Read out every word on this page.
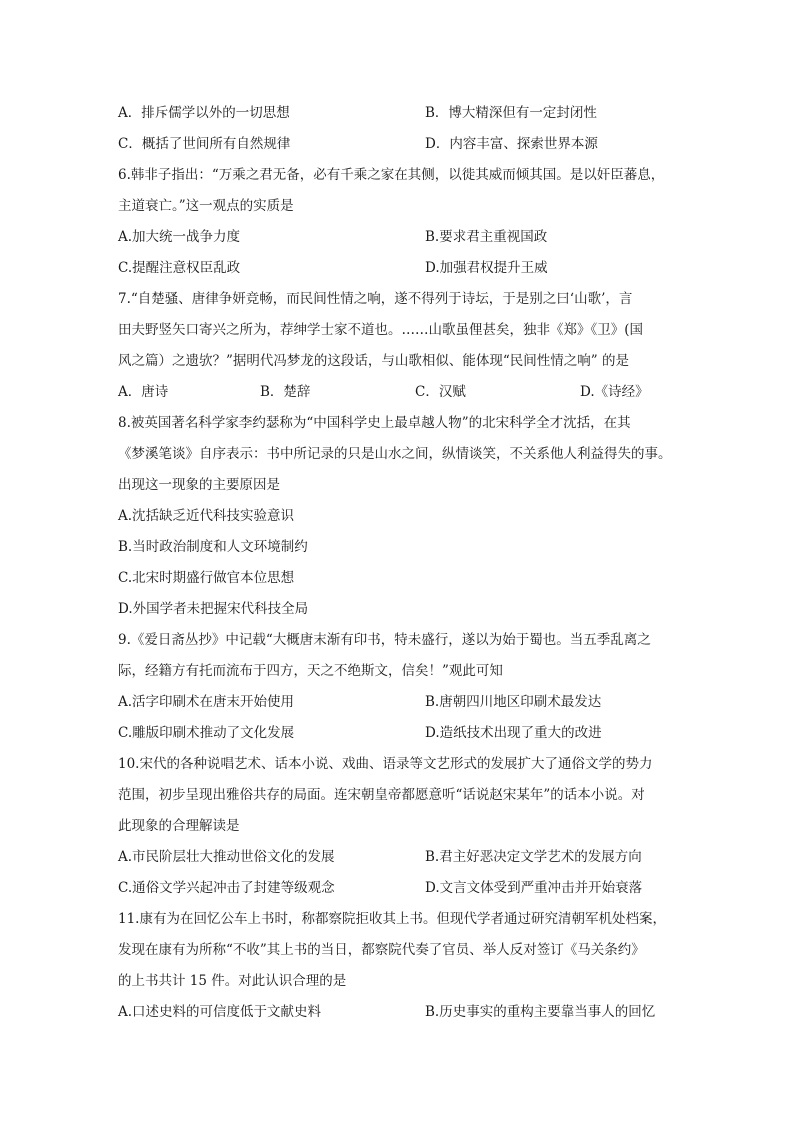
A．排斥儒学以外的一切思想	B．博大精深但有一定封闭性
C．概括了世间所有自然规律	D．内容丰富、探索世界本源
6.韩非子指出：“万乘之君无备，必有千乘之家在其侧，以徙其威而倾其国。是以奸臣蕃息，
主道衰亡。”这一观点的实质是
A.加大统一战争力度	B.要求君主重视国政
C.提醒注意权臣乱政	D.加强君权提升王威
7.“自楚骚、唐律争妍竞畅，而民间性情之响，遂不得列于诗坛，于是别之曰‘山歌’，言
田夫野竖矢口寄兴之所为，荐绅学士家不道也。……山歌虽俚甚矣，独非《郑》《卫》(国
风之篇）之遗欤？”据明代冯梦龙的这段话，与山歌相似、能体现“民间性情之响” 的是
A．唐诗	B．楚辞	C．汉赋	D.《诗经》
8.被英国著名科学家李约瑟称为“中国科学史上最卓越人物”的北宋科学全才沈括，在其
《梦溪笔谈》自序表示：书中所记录的只是山水之间，纵情谈笑，不关系他人利益得失的事。
出现这一现象的主要原因是
A.沈括缺乏近代科技实验意识
B.当时政治制度和人文环境制约
C.北宋时期盛行做官本位思想
D.外国学者未把握宋代科技全局
9.《爱日斋丛抄》中记载“大概唐末渐有印书，特未盛行，遂以为始于蜀也。当五季乱离之
际，经籍方有托而流布于四方，天之不绝斯文，信矣！”观此可知
A.活字印刷术在唐末开始使用	B.唐朝四川地区印刷术最发达
C.雕版印刷术推动了文化发展	D.造纸技术出现了重大的改进
10.宋代的各种说唱艺术、话本小说、戏曲、语录等文艺形式的发展扩大了通俗文学的势力
范围，初步呈现出雅俗共存的局面。连宋朝皇帝都愿意听“话说赵宋某年”的话本小说。对
此现象的合理解读是
A.市民阶层壮大推动世俗文化的发展	B.君主好恶决定文学艺术的发展方向
C.通俗文学兴起冲击了封建等级观念	D.文言文体受到严重冲击并开始衰落
11.康有为在回忆公车上书时，称都察院拒收其上书。但现代学者通过研究清朝军机处档案，
发现在康有为所称“不收”其上书的当日，都察院代奏了官员、举人反对签订《马关条约》
的上书共计 15 件。对此认识合理的是
A.口述史料的可信度低于文献史料	B.历史事实的重构主要靠当事人的回忆
